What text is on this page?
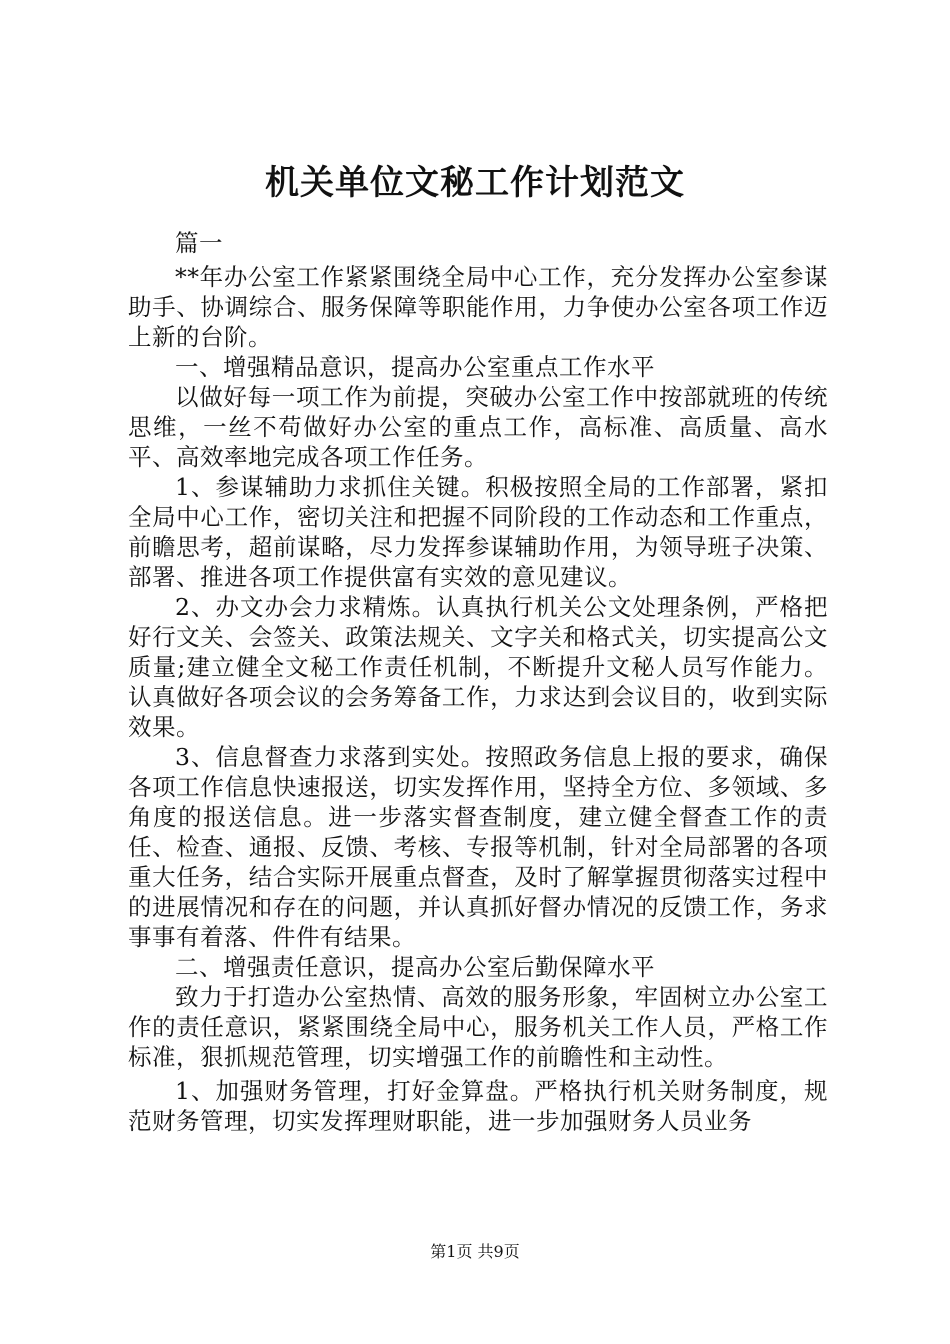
机关单位文秘工作计划范文

篇一

**年办公室工作紧紧围绕全局中心工作，充分发挥办公室参谋助手、协调综合、服务保障等职能作用，力争使办公室各项工作迈上新的台阶。

一、增强精品意识，提高办公室重点工作水平

以做好每一项工作为前提，突破办公室工作中按部就班的传统思维，一丝不苟做好办公室的重点工作，高标准、高质量、高水平、高效率地完成各项工作任务。

1、参谋辅助力求抓住关键。积极按照全局的工作部署，紧扣全局中心工作，密切关注和把握不同阶段的工作动态和工作重点，前瞻思考，超前谋略，尽力发挥参谋辅助作用，为领导班子决策、部署、推进各项工作提供富有实效的意见建议。

2、办文办会力求精炼。认真执行机关公文处理条例，严格把好行文关、会签关、政策法规关、文字关和格式关，切实提高公文质量;建立健全文秘工作责任机制，不断提升文秘人员写作能力。认真做好各项会议的会务筹备工作，力求达到会议目的，收到实际效果。

3、信息督查力求落到实处。按照政务信息上报的要求，确保各项工作信息快速报送，切实发挥作用，坚持全方位、多领域、多角度的报送信息。进一步落实督查制度，建立健全督查工作的责任、检查、通报、反馈、考核、专报等机制，针对全局部署的各项重大任务，结合实际开展重点督查，及时了解掌握贯彻落实过程中的进展情况和存在的问题，并认真抓好督办情况的反馈工作，务求事事有着落、件件有结果。

二、增强责任意识，提高办公室后勤保障水平

致力于打造办公室热情、高效的服务形象，牢固树立办公室工作的责任意识，紧紧围绕全局中心，服务机关工作人员，严格工作标准，狠抓规范管理，切实增强工作的前瞻性和主动性。

1、加强财务管理，打好金算盘。严格执行机关财务制度，规范财务管理，切实发挥理财职能，进一步加强财务人员业务

第1页 共9页
